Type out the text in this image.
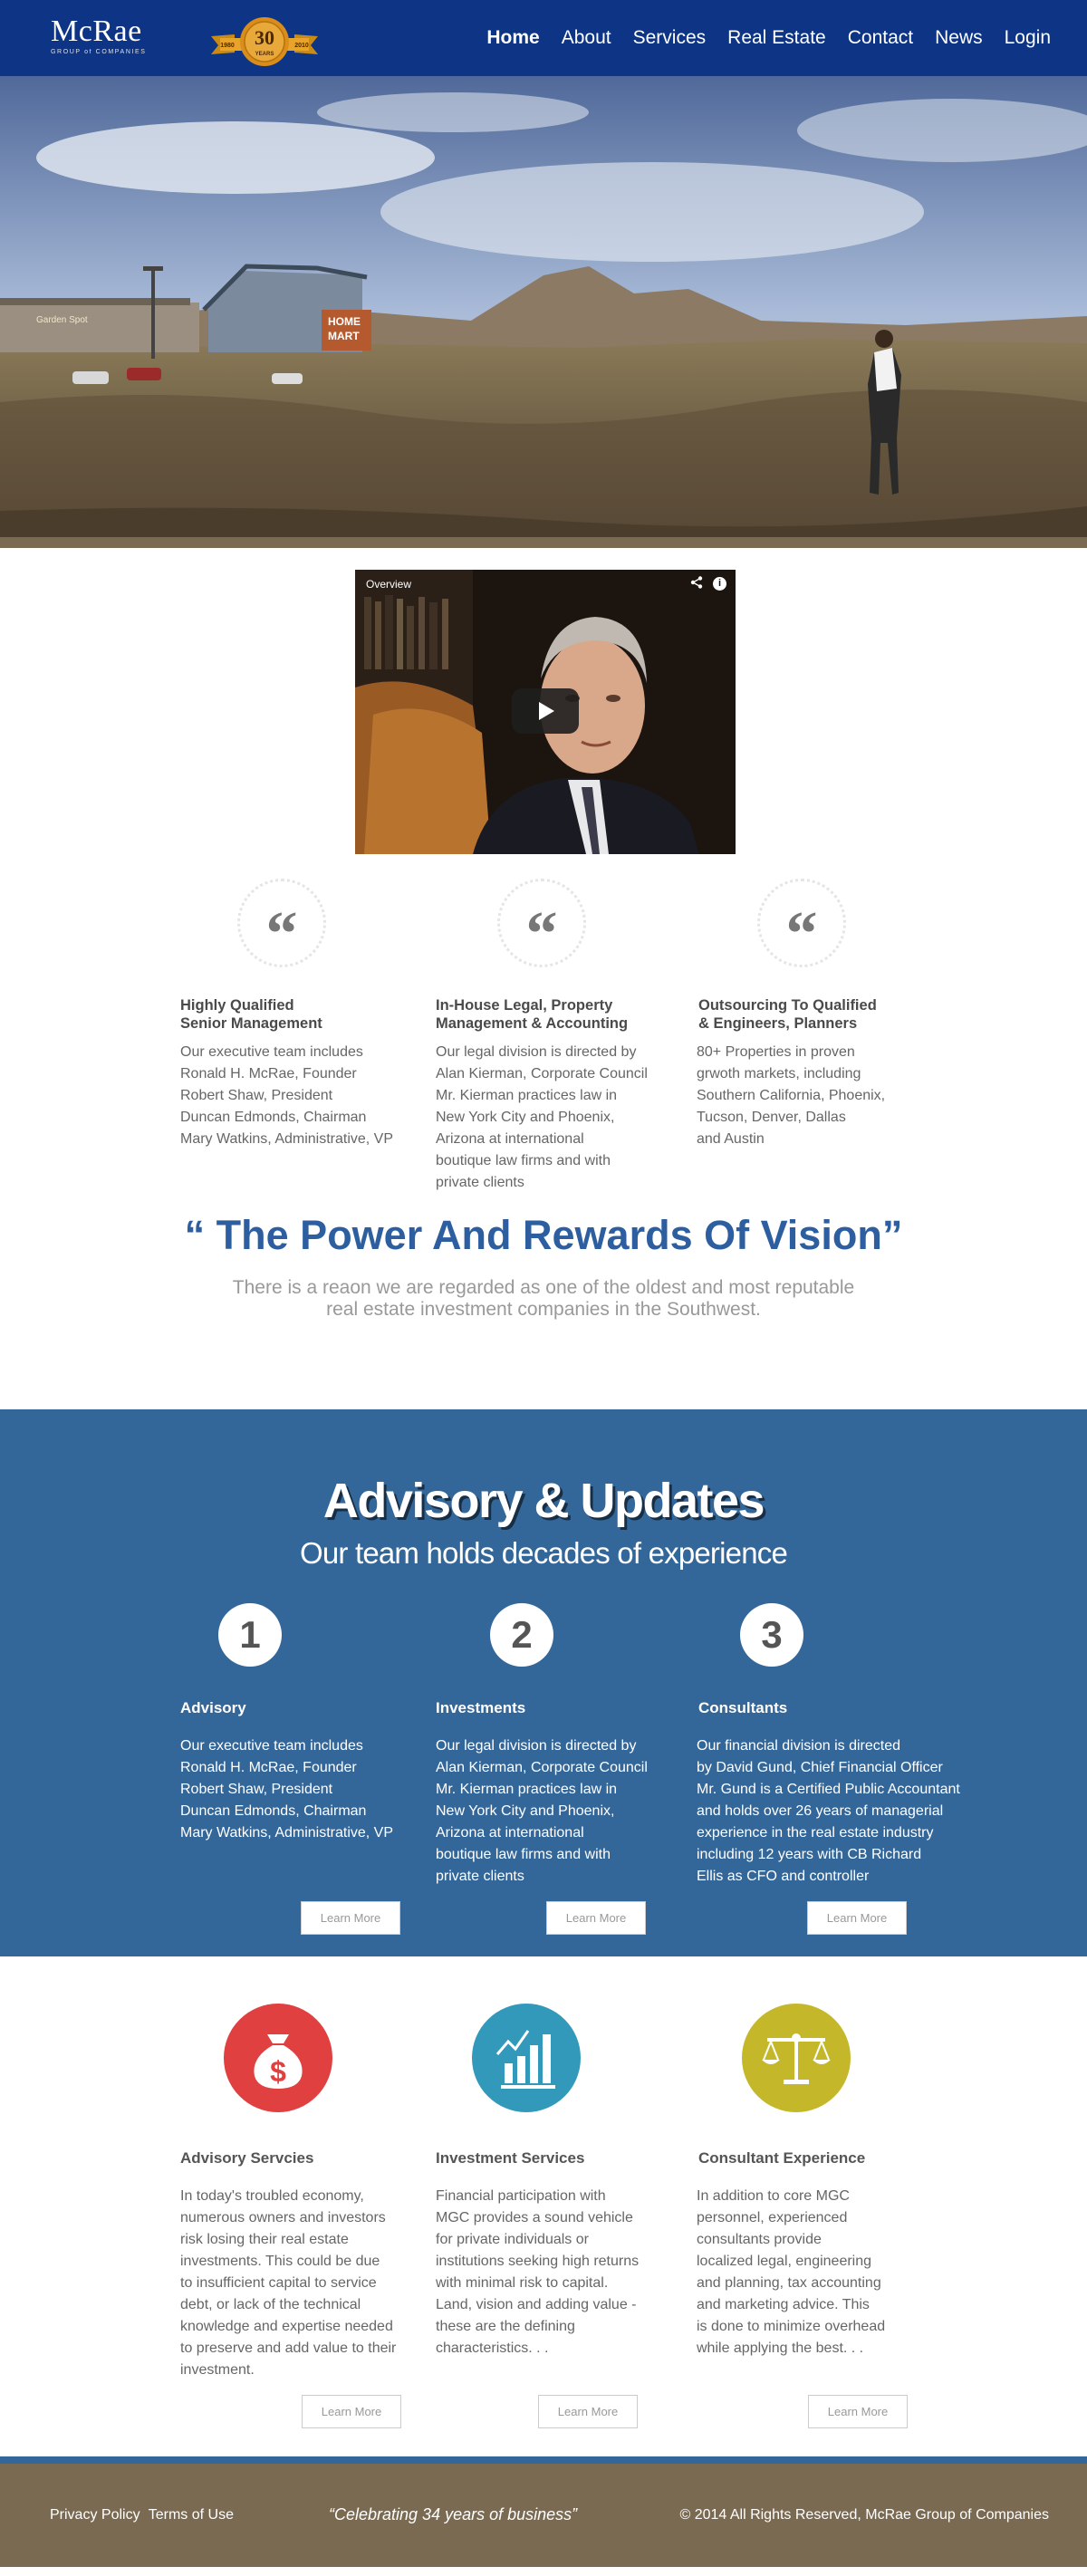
McRae
GROUP of COMPANIES
30
YEARS
1980	2010	Home About Services Real Estate Contact News Login
Garden Spot	HOME
MART
Overview	i
“	“	“
Highly Qualified
Senior Management
Our executive team includes
Ronald H. McRae, Founder
Robert Shaw, President
Duncan Edmonds, Chairman
Mary Watkins, Administrative, VP
In-House Legal, Property
Management & Accounting
Our legal division is directed by
Alan Kierman, Corporate Council
Mr. Kierman practices law in
New York City and Phoenix,
Arizona at international
boutique law firms and with
private clients
Outsourcing To Qualified
& Engineers, Planners
80+ Properties in proven
grwoth markets, including
Southern California, Phoenix,
Tucson, Denver, Dallas
and Austin
“ The Power And Rewards Of Vision”
There is a reaon we are regarded as one of the oldest and most reputable
real estate investment companies in the Southwest.
Advisory & Updates
Our team holds decades of experience
1	2	3
Advisory
Our executive team includes
Ronald H. McRae, Founder
Robert Shaw, President
Duncan Edmonds, Chairman
Mary Watkins, Administrative, VP
Investments
Our legal division is directed by
Alan Kierman, Corporate Council
Mr. Kierman practices law in
New York City and Phoenix,
Arizona at international
boutique law firms and with
private clients
Consultants
Our financial division is directed
by David Gund, Chief Financial Officer
Mr. Gund is a Certified Public Accountant
and holds over 26 years of managerial
experience in the real estate industry
including 12 years with CB Richard
Ellis as CFO and controller
Learn More	Learn More	Learn More
$
Advisory Servcies
In today's troubled economy,
numerous owners and investors
risk losing their real estate
investments. This could be due
to insufficient capital to service
debt, or lack of the technical
knowledge and expertise needed
to preserve and add value to their
investment.
Investment Services
Financial participation with
MGC provides a sound vehicle
for private individuals or
institutions seeking high returns
with minimal risk to capital.
Land, vision and adding value -
these are the defining
characteristics. . .
Consultant Experience
In addition to core MGC
personnel, experienced
consultants provide
localized legal, engineering
and planning, tax accounting
and marketing advice. This
is done to minimize overhead
while applying the best. . .
Learn More	Learn More	Learn More
Privacy Policy Terms of Use	“Celebrating 34 years of business”	© 2014 All Rights Reserved, McRae Group of Companies
